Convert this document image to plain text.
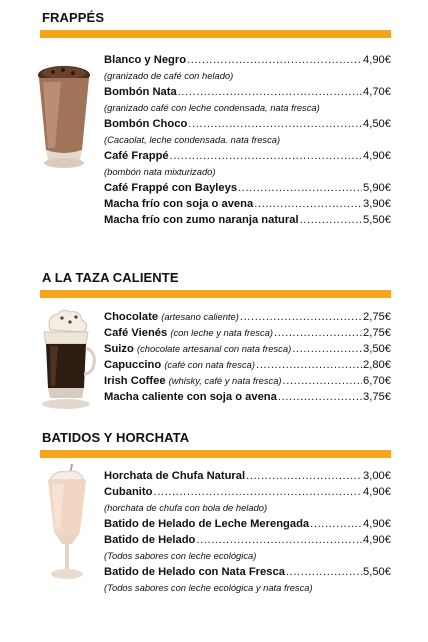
FRAPPÉS
Blanco y Negro .....	4,90€
(granizado de café con helado)
Bombón Nata .....	4,70€
(granizado café con leche condensada, nata fresca)
Bombón Choco .....	4,50€
(Cacaolat, leche condensada. nata fresca)
Café Frappé .....	4,90€
(bombón nata mixturizado)
Café Frappé con Bayleys .....	5,90€
Macha frío con soja o avena .....	3,90€
Macha frío con zumo naranja natural .....	5,50€
A LA TAZA CALIENTE
Chocolate (artesano caliente) .....	2,75€
Café Vienés (con leche y nata fresca) .....	2,75€
Suizo (chocolate artesanal con nata fresca) .....	3,50€
Capuccino (café con nata fresca) .....	2,80€
Irish Coffee (whisky, café y nata fresca) .....	6,70€
Macha caliente con soja o avena .....	3,75€
BATIDOS Y HORCHATA
Horchata de Chufa Natural .....	3,00€
Cubanito .....	4,90€
(horchata de chufa con bola de helado)
Batido de Helado de Leche Merengada .....	4,90€
Batido de Helado .....	4,90€
(Todos sabores con leche ecológica)
Batido de Helado con Nata Fresca .....	5,50€
(Todos sabores con leche ecológica y nata fresca)
